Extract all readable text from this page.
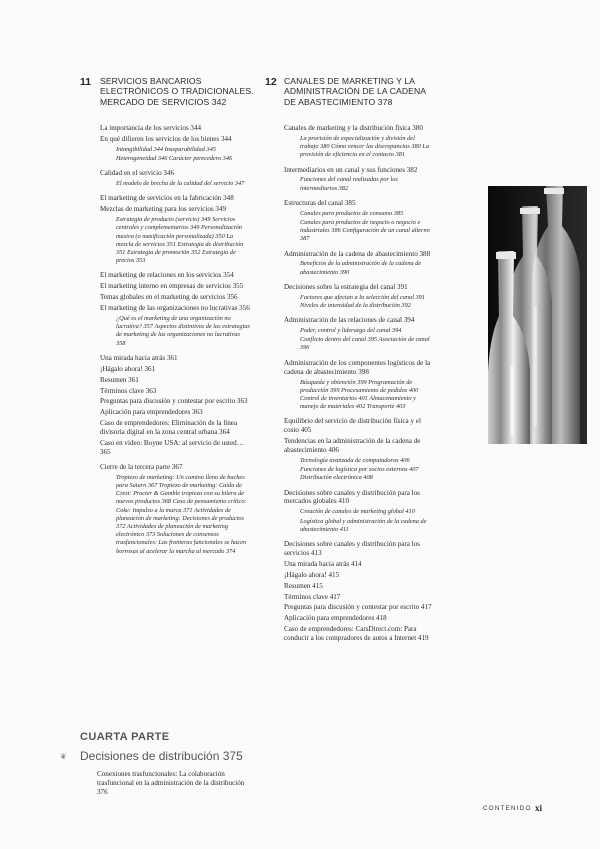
11 SERVICIOS BANCARIOS
ELECTRÓNICOS O TRADICIONALES.
MERCADO DE SERVICIOS 342
12 CANALES DE MARKETING Y LA
ADMINISTRACIÓN DE LA CADENA
DE ABASTECIMIENTO 378
La importancia de los servicios 344
En qué difieren los servicios de los bienes 344
Intangibilidad 344 Inseparabilidad 345
Heterogeneidad 346 Carácter perecedero 346
Calidad en el servicio 346
El modelo de brecha de la calidad del servicio 347
El marketing de servicios en la fabricación 348
Mezclas de marketing para los servicios 349
Estrategia de producto (servicio) 349 Servicios centrales y complementarios 349 Personalización masiva (o masificación personalizada) 350 La mezcla de servicios 351 Estrategia de distribución 351 Estrategia de promoción 352 Estrategia de precios 353
El marketing de relaciones en los servicios 354
El marketing interno en empresas de servicios 355
Temas globales en el marketing de servicios 356
El marketing de las organizaciones no lucrativas 356
¿Qué es el marketing de una organización no lucrativa? 357 Aspectos distintivos de las estrategias de marketing de las organizaciones no lucrativas 358
Una mirada hacia atrás 361
¡Hágalo ahora! 361
Resumen 361
Términos clave 363
Preguntas para discusión y contestar por escrito 363
Aplicación para emprendedores 363
Caso de emprendedores: Eliminación de la línea divisoria digital en la zona central urbana 364
Caso en video: Boyne USA: al servicio de usted… 365
Cierre de la tercera parte 367
Tropiezo de marketing: Un camino lleno de baches para Saturn 367 Tropiezo de marketing: Caída de Crest: Procter & Gamble tropieza con su hilera de nuevos productos 368 Caso de pensamiento crítico: Coke: Impulso a la marca 371 Actividades de planeación de marketing: Decisiones de productos 372 Actividades de planeación de marketing electrónico 373 Soluciones de consensos trasfuncionales: Las fronteras funcionales se hacen borrosas al acelerar la marcha al mercado 374
Canales de marketing y la distribución física 380
La provisión de especialización y división del trabajo 380 Cómo vencer las discrepancias 380 La provisión de eficiencia en el contacto 381
Intermediarios en un canal y sus funciones 382
Funciones del canal realizadas por los intermediarios 382
Estructuras del canal 385
Canales para productos de consumo 385
Canales para productos de negocio o negocio e industriales 386 Configuración de un canal alterno 387
Administración de la cadena de abastecimiento 388
Beneficios de la administración de la cadena de abastecimiento 390
Decisiones sobre la estrategia del canal 391
Factores que afectan a la selección del canal 391 Niveles de intensidad de la distribución 392
Administración de las relaciones de canal 394
Poder, control y liderazgo del canal 394
Conflicto dentro del canal 395 Asociación de canal 396
Administración de los componentes logísticos de la cadena de abastecimiento 398
Búsqueda y obtención 399 Programación de producción 399 Procesamiento de pedidos 400 Control de inventarios 401 Almacenamiento y manejo de materiales 402 Transporte 403
Equilibrio del servicio de distribución física y el costo 405
Tendencias en la administración de la cadena de abastecimiento 406
Tecnología avanzada de computadoras 406
Funciones de logística por socios externos 407 Distribución electrónica 408
Decisiones sobre canales y distribución para los mercados globales 410
Creación de canales de marketing global 410
Logística global y administración de la cadena de abastecimiento 411
Decisiones sobre canales y distribución para los servicios 413
Una mirada hacia atrás 414
¡Hágalo ahora! 415
Resumen 415
Términos clave 417
Preguntas para discusión y contestar por escrito 417
Aplicación para emprendedores 418
Caso de emprendedores: CarsDirect.com: Para conducir a los compradores de autos a Internet 419
CUARTA PARTE
❦ Decisiones de distribución 375
Conexiones trasfuncionales: La colaboración trasfuncional en la administración de la distribución 376
CONTENIDO xi
